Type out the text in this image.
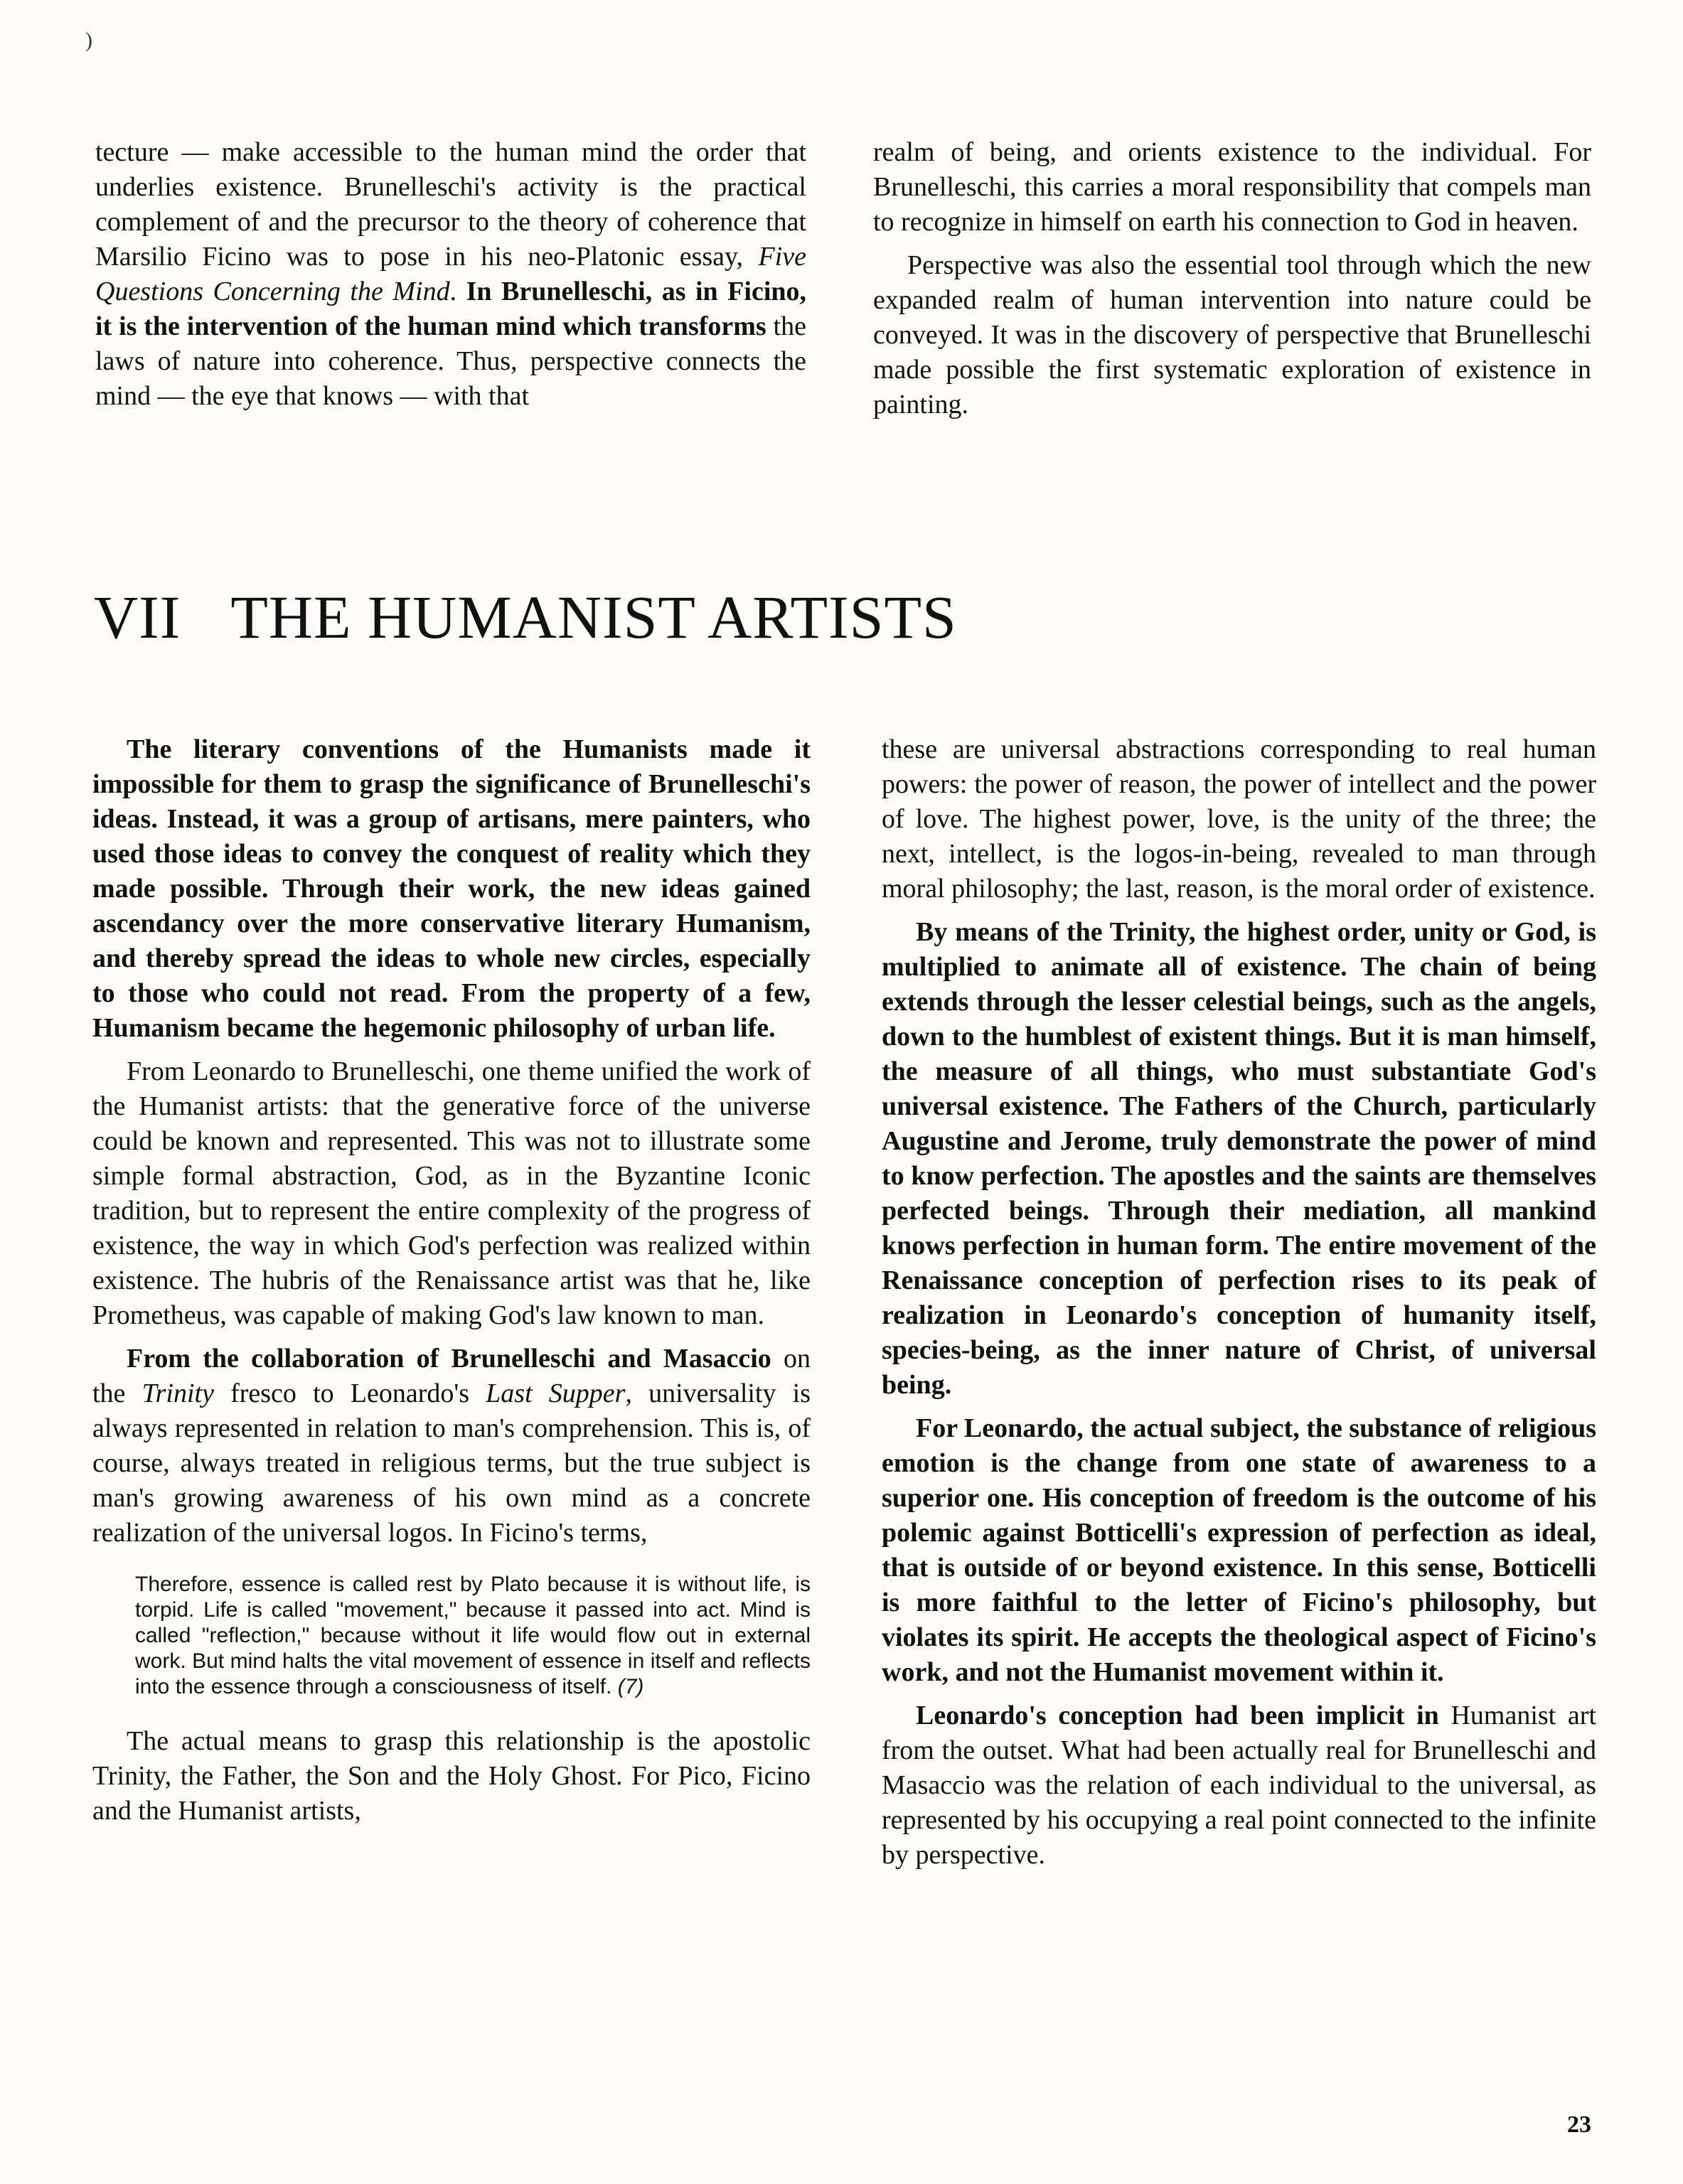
)

tecture — make accessible to the human mind the order that underlies existence. Brunelleschi's activity is the practical complement of and the precursor to the theory of coherence that Marsilio Ficino was to pose in his neo-Platonic essay, Five Questions Concerning the Mind. In Brunelleschi, as in Ficino, it is the intervention of the human mind which transforms the laws of nature into coherence. Thus, perspective connects the mind — the eye that knows — with that

realm of being, and orients existence to the individual. For Brunelleschi, this carries a moral responsibility that compels man to recognize in himself on earth his connection to God in heaven.

Perspective was also the essential tool through which the new expanded realm of human intervention into nature could be conveyed. It was in the discovery of perspective that Brunelleschi made possible the first systematic exploration of existence in painting.

VII THE HUMANIST ARTISTS

The literary conventions of the Humanists made it impossible for them to grasp the significance of Brunelleschi's ideas. Instead, it was a group of artisans, mere painters, who used those ideas to convey the conquest of reality which they made possible. Through their work, the new ideas gained ascendancy over the more conservative literary Humanism, and thereby spread the ideas to whole new circles, especially to those who could not read. From the property of a few, Humanism became the hegemonic philosophy of urban life.

From Leonardo to Brunelleschi, one theme unified the work of the Humanist artists: that the generative force of the universe could be known and represented. This was not to illustrate some simple formal abstraction, God, as in the Byzantine Iconic tradition, but to represent the entire complexity of the progress of existence, the way in which God's perfection was realized within existence. The hubris of the Renaissance artist was that he, like Prometheus, was capable of making God's law known to man.

From the collaboration of Brunelleschi and Masaccio on the Trinity fresco to Leonardo's Last Supper, universality is always represented in relation to man's comprehension. This is, of course, always treated in religious terms, but the true subject is man's growing awareness of his own mind as a concrete realization of the universal logos. In Ficino's terms,

Therefore, essence is called rest by Plato because it is without life, is torpid. Life is called "movement," because it passed into act. Mind is called "reflection," because without it life would flow out in external work. But mind halts the vital movement of essence in itself and reflects into the essence through a consciousness of itself. (7)

The actual means to grasp this relationship is the apostolic Trinity, the Father, the Son and the Holy Ghost. For Pico, Ficino and the Humanist artists,

these are universal abstractions corresponding to real human powers: the power of reason, the power of intellect and the power of love. The highest power, love, is the unity of the three; the next, intellect, is the logos-in-being, revealed to man through moral philosophy; the last, reason, is the moral order of existence.

By means of the Trinity, the highest order, unity or God, is multiplied to animate all of existence. The chain of being extends through the lesser celestial beings, such as the angels, down to the humblest of existent things. But it is man himself, the measure of all things, who must substantiate God's universal existence. The Fathers of the Church, particularly Augustine and Jerome, truly demonstrate the power of mind to know perfection. The apostles and the saints are themselves perfected beings. Through their mediation, all mankind knows perfection in human form. The entire movement of the Renaissance conception of perfection rises to its peak of realization in Leonardo's conception of humanity itself, species-being, as the inner nature of Christ, of universal being.

For Leonardo, the actual subject, the substance of religious emotion is the change from one state of awareness to a superior one. His conception of freedom is the outcome of his polemic against Botticelli's expression of perfection as ideal, that is outside of or beyond existence. In this sense, Botticelli is more faithful to the letter of Ficino's philosophy, but violates its spirit. He accepts the theological aspect of Ficino's work, and not the Humanist movement within it.

Leonardo's conception had been implicit in Humanist art from the outset. What had been actually real for Brunelleschi and Masaccio was the relation of each individual to the universal, as represented by his occupying a real point connected to the infinite by perspective.

23
